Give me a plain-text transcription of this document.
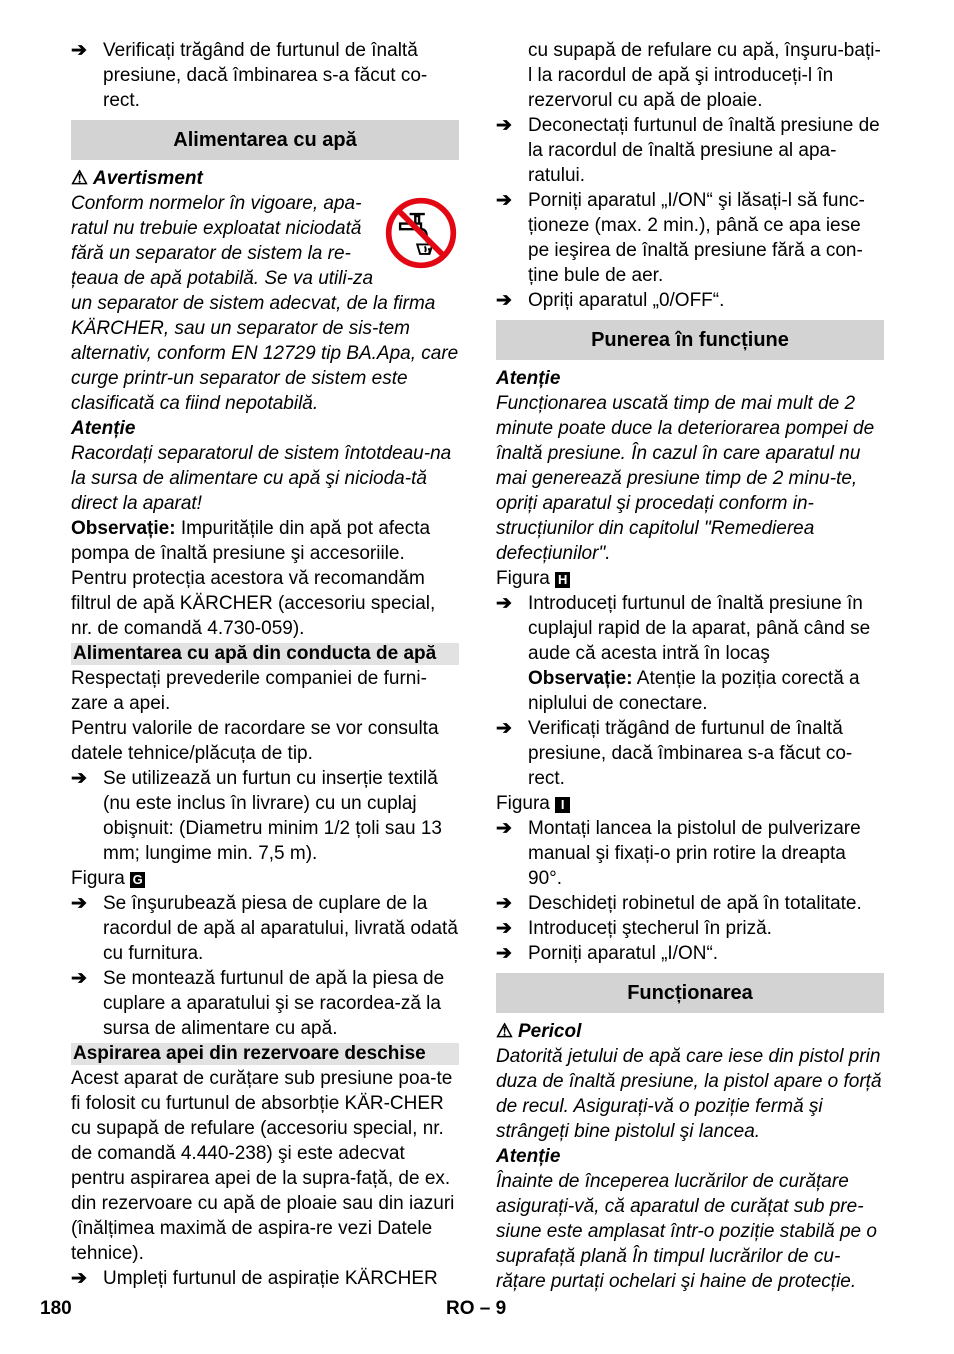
➔ Verificați trăgând de furtunul de înaltă presiune, dacă îmbinarea s-a făcut co-rect.
Alimentarea cu apă
⚠ Avertisment

Conform normelor în vigoare, apa-ratul nu trebuie exploatat niciodată fără un separator de sistem la re-țeaua de apă potabilă. Se va utili-za un separator de sistem adecvat, de la firma KÄRCHER, sau un separator de sis-tem alternativ, conform EN 12729 tip BA.Apa, care curge printr-un separator de sistem este clasificată ca fiind nepotabilă.

Atenție

Racordați separatorul de sistem întotdeau-na la sursa de alimentare cu apă şi nicioda-tă direct la aparat!

Observație: Impuritățile din apă pot afecta pompa de înaltă presiune şi accesoriile. Pentru protecția acestora vă recomandăm filtrul de apă KÄRCHER (accesoriu special, nr. de comandă 4.730-059).

Alimentarea cu apă din conducta de apă

Respectați prevederile companiei de furni-zare a apei.

Pentru valorile de racordare se vor consulta datele tehnice/plăcuța de tip.

➔ Se utilizează un furtun cu inserție textilă (nu este inclus în livrare) cu un cuplaj obişnuit: (Diametru minim 1/2 țoli sau 13 mm; lungime min. 7,5 m).

Figura G

➔ Se înşurubează piesa de cuplare de la racordul de apă al aparatului, livrată odată cu furnitura.
➔ Se montează furtunul de apă la piesa de cuplare a aparatului şi se racordea-ză la sursa de alimentare cu apă.
Aspirarea apei din rezervoare deschise

Acest aparat de curățare sub presiune poa-te fi folosit cu furtunul de absorbție KÄR-CHER cu supapă de refulare (accesoriu special, nr. de comandă 4.440-238) şi este adecvat pentru aspirarea apei de la supra-față, de ex. din rezervoare cu apă de ploaie sau din iazuri (înălțimea maximă de aspira-re vezi Datele tehnice).

➔ Umpleți furtunul de aspirație KÄRCHER
cu supapă de refulare cu apă, înşuru-bați-l la racordul de apă şi introduceți-l în rezervorul cu apă de ploaie.
➔ Deconectați furtunul de înaltă presiune de la racordul de înaltă presiune al apa-ratului.
➔ Porniți aparatul „I/ON“ şi lăsați-l să func-ționeze (max. 2 min.), până ce apa iese pe ieşirea de înaltă presiune fără a con-ține bule de aer.
➔ Opriți aparatul „0/OFF“.
Punerea în funcțiune

Atenție

Funcționarea uscată timp de mai mult de 2 minute poate duce la deteriorarea pompei de înaltă presiune. În cazul în care aparatul nu mai generează presiune timp de 2 minu-te, opriți aparatul şi procedați conform in-strucțiunilor din capitolul "Remedierea defecțiunilor".

Figura H

➔ Introduceți furtunul de înaltă presiune în cuplajul rapid de la aparat, până când se aude că acesta intră în locaş
Observație: Atenție la poziția corectă a niplului de conectare.
➔ Verificați trăgând de furtunul de înaltă presiune, dacă îmbinarea s-a făcut co-rect.

Figura I

➔ Montați lancea la pistolul de pulverizare manual şi fixați-o prin rotire la dreapta 90°.
➔ Deschideți robinetul de apă în totalitate.
➔ Introduceți ştecherul în priză.
➔ Porniți aparatul „I/ON“.
Funcționarea
⚠ Pericol

Datorită jetului de apă care iese din pistol prin duza de înaltă presiune, la pistol apare o forță de recul. Asigurați-vă o poziție fermă şi strângeți bine pistolul şi lancea.

Atenție

Înainte de începerea lucrărilor de curățare asigurați-vă, că aparatul de curățat sub pre-siune este amplasat într-o poziție stabilă pe o suprafață plană În timpul lucrărilor de cu-rățare purtați ochelari şi haine de protecție.

180	RO – 9
